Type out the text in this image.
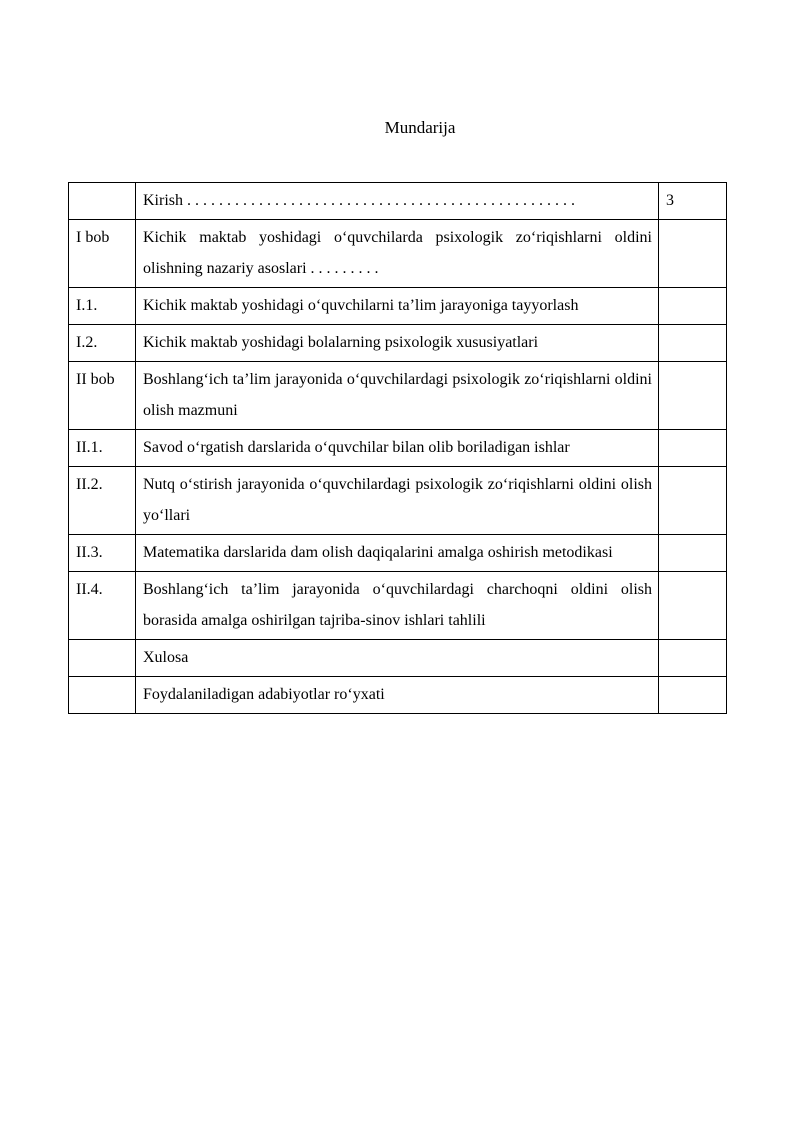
Mundarija
	Kirish . . . . . . . . . . . . . . . . . . . . . . . . . . . . . . . . . . . . . . . . . . . . . . . . .	3
I bob	Kichik maktab yoshidagi o‘quvchilarda psixologik zo‘riqishlarni oldini olishning nazariy asoslari . . . . . . . . .	
I.1.	Kichik maktab yoshidagi o‘quvchilarni ta’lim jarayoniga tayyorlash	
I.2.	Kichik maktab yoshidagi bolalarning psixologik xususiyatlari	
II bob	Boshlang‘ich ta’lim jarayonida o‘quvchilardagi psixologik zo‘riqishlarni oldini olish mazmuni	
II.1.	Savod o‘rgatish darslarida o‘quvchilar bilan olib boriladigan ishlar	
II.2.	Nutq o‘stirish jarayonida o‘quvchilardagi psixologik zo‘riqishlarni oldini olish yo‘llari	
II.3.	Matematika darslarida dam olish daqiqalarini amalga oshirish metodikasi	
II.4.	Boshlang‘ich ta’lim jarayonida o‘quvchilardagi charchoqni oldini olish borasida amalga oshirilgan tajriba-sinov ishlari tahlili	
	Xulosa	
	Foydalaniladigan adabiyotlar ro‘yxati	
